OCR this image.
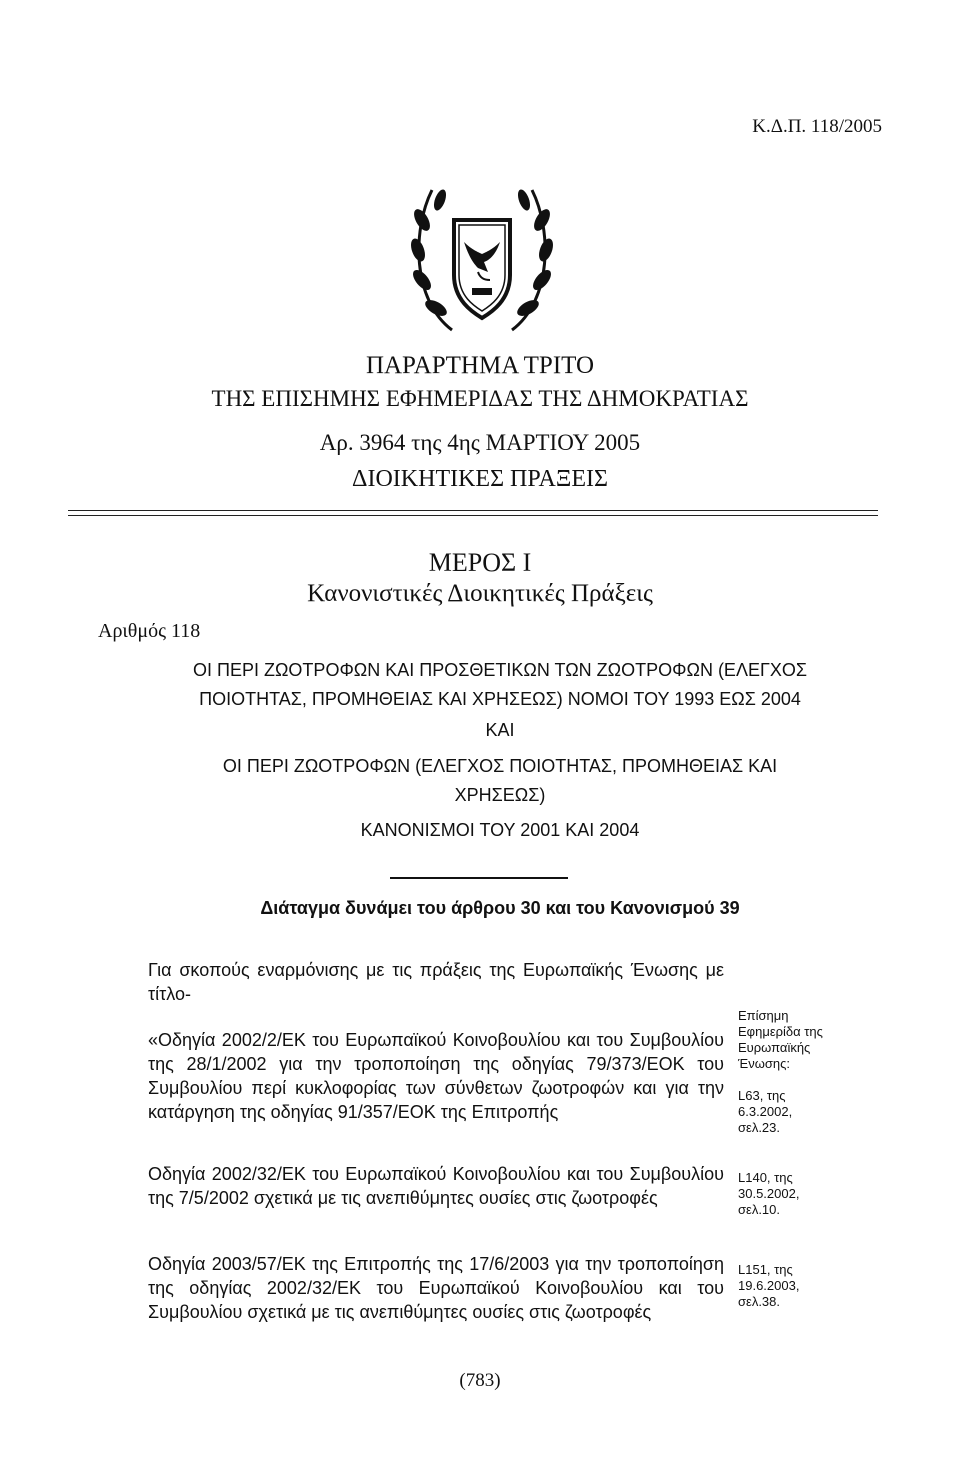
Κ.Δ.Π. 118/2005
ΠΑΡΑΡΤΗΜΑ ΤΡΙΤΟ
ΤΗΣ ΕΠΙΣΗΜΗΣ ΕΦΗΜΕΡΙΔΑΣ ΤΗΣ ΔΗΜΟΚΡΑΤΙΑΣ
Αρ. 3964 της 4ης ΜΑΡΤΙΟΥ 2005
ΔΙΟΙΚΗΤΙΚΕΣ ΠΡΑΞΕΙΣ
ΜΕΡΟΣ Ι
Κανονιστικές Διοικητικές Πράξεις
Αριθμός 118
ΟΙ ΠΕΡΙ ΖΩΟΤΡΟΦΩΝ ΚΑΙ ΠΡΟΣΘΕΤΙΚΩΝ ΤΩΝ ΖΩΟΤΡΟΦΩΝ (ΕΛΕΓΧΟΣ
ΠΟΙΟΤΗΤΑΣ, ΠΡΟΜΗΘΕΙΑΣ ΚΑΙ ΧΡΗΣΕΩΣ) ΝΟΜΟΙ ΤΟΥ 1993 ΕΩΣ 2004
ΚΑΙ
ΟΙ ΠΕΡΙ ΖΩΟΤΡΟΦΩΝ (ΕΛΕΓΧΟΣ ΠΟΙΟΤΗΤΑΣ, ΠΡΟΜΗΘΕΙΑΣ ΚΑΙ
ΧΡΗΣΕΩΣ)
ΚΑΝΟΝΙΣΜΟΙ ΤΟΥ 2001 ΚΑΙ 2004
Διάταγμα δυνάμει του άρθρου 30 και του Κανονισμού 39
Για σκοπούς εναρμόνισης με τις πράξεις της Ευρωπαϊκής Ένωσης με τίτλο-
«Οδηγία 2002/2/ΕΚ του Ευρωπαϊκού Κοινοβουλίου και του Συμβουλίου της 28/1/2002 για την τροποποίηση της οδηγίας 79/373/ΕΟΚ του Συμβουλίου περί κυκλοφορίας των σύνθετων ζωοτροφών και για την κατάργηση της οδηγίας 91/357/ΕΟΚ της Επιτροπής
Οδηγία 2002/32/ΕΚ του Ευρωπαϊκού Κοινοβουλίου και του Συμβουλίου της 7/5/2002 σχετικά με τις ανεπιθύμητες ουσίες στις ζωοτροφές
Οδηγία 2003/57/ΕΚ της Επιτροπής της 17/6/2003 για την τροποποίηση της οδηγίας 2002/32/ΕΚ του Ευρωπαϊκού Κοινοβουλίου και του Συμβουλίου σχετικά με τις ανεπιθύμητες ουσίες στις ζωοτροφές
Επίσημη
Εφημερίδα της
Ευρωπαϊκής
Ένωσης:
L63, της
6.3.2002,
σελ.23.
L140, της
30.5.2002,
σελ.10.
L151, της
19.6.2003,
σελ.38.
(783)
